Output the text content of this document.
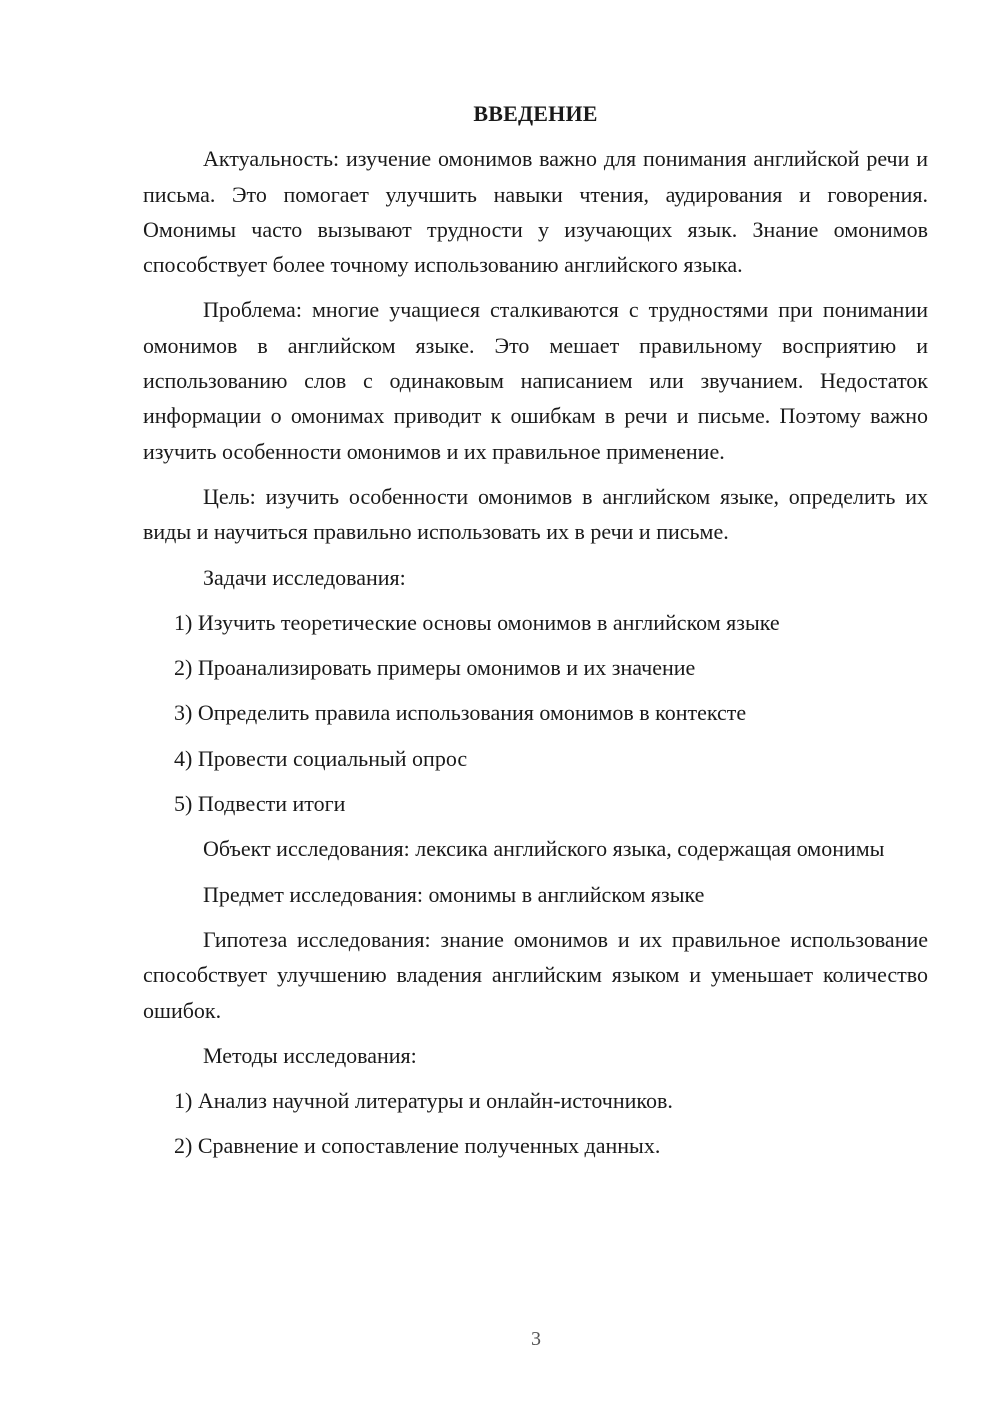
ВВЕДЕНИЕ

Актуальность: изучение омонимов важно для понимания английской речи и письма. Это помогает улучшить навыки чтения, аудирования и говорения. Омонимы часто вызывают трудности у изучающих язык. Знание омонимов способствует более точному использованию английского языка.

Проблема: многие учащиеся сталкиваются с трудностями при понимании омонимов в английском языке. Это мешает правильному восприятию и использованию слов с одинаковым написанием или звучанием. Недостаток информации о омонимах приводит к ошибкам в речи и письме. Поэтому важно изучить особенности омонимов и их правильное применение.

Цель: изучить особенности омонимов в английском языке, определить их виды и научиться правильно использовать их в речи и письме.

Задачи исследования:

1) Изучить теоретические основы омонимов в английском языке
2) Проанализировать примеры омонимов и их значение
3) Определить правила использования омонимов в контексте
4) Провести социальный опрос
5) Подвести итоги

Объект исследования: лексика английского языка, содержащая омонимы

Предмет исследования: омонимы в английском языке

Гипотеза исследования: знание омонимов и их правильное использование способствует улучшению владения английским языком и уменьшает количество ошибок.

Методы исследования:

1) Анализ научной литературы и онлайн-источников.
2) Сравнение и сопоставление полученных данных.
3
